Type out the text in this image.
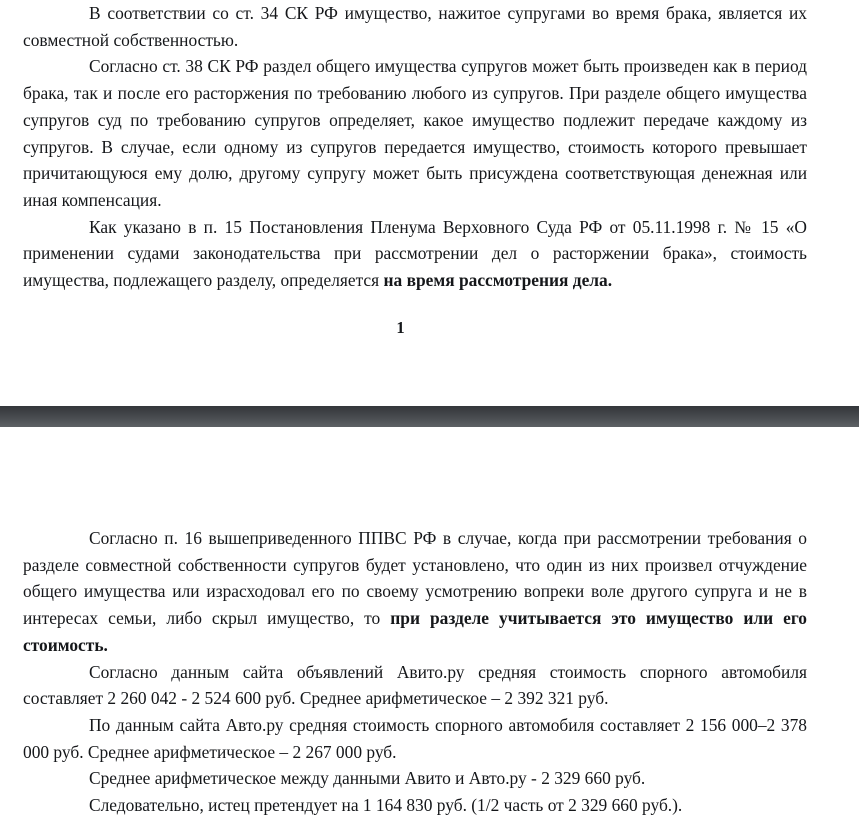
В соответствии со ст. 34 СК РФ имущество, нажитое супругами во время брака, является их совместной собственностью.

Согласно ст. 38 СК РФ раздел общего имущества супругов может быть произведен как в период брака, так и после его расторжения по требованию любого из супругов. При разделе общего имущества супругов суд по требованию супругов определяет, какое имущество подлежит передаче каждому из супругов. В случае, если одному из супругов передается имущество, стоимость которого превышает причитающуюся ему долю, другому супругу может быть присуждена соответствующая денежная или иная компенсация.

Как указано в п. 15 Постановления Пленума Верховного Суда РФ от 05.11.1998 г. № 15 «О применении судами законодательства при рассмотрении дел о расторжении брака», стоимость имущества, подлежащего разделу, определяется на время рассмотрения дела.

1

Согласно п. 16 вышеприведенного ППВС РФ в случае, когда при рассмотрении требования о разделе совместной собственности супругов будет установлено, что один из них произвел отчуждение общего имущества или израсходовал его по своему усмотрению вопреки воле другого супруга и не в интересах семьи, либо скрыл имущество, то при разделе учитывается это имущество или его стоимость.

Согласно данным сайта объявлений Авито.ру средняя стоимость спорного автомобиля составляет 2 260 042 - 2 524 600 руб. Среднее арифметическое – 2 392 321 руб.

По данным сайта Авто.ру средняя стоимость спорного автомобиля составляет 2 156 000–2 378 000 руб. Среднее арифметическое – 2 267 000 руб.

Среднее арифметическое между данными Авито и Авто.ру - 2 329 660 руб.

Следовательно, истец претендует на 1 164 830 руб. (1/2 часть от 2 329 660 руб.).
